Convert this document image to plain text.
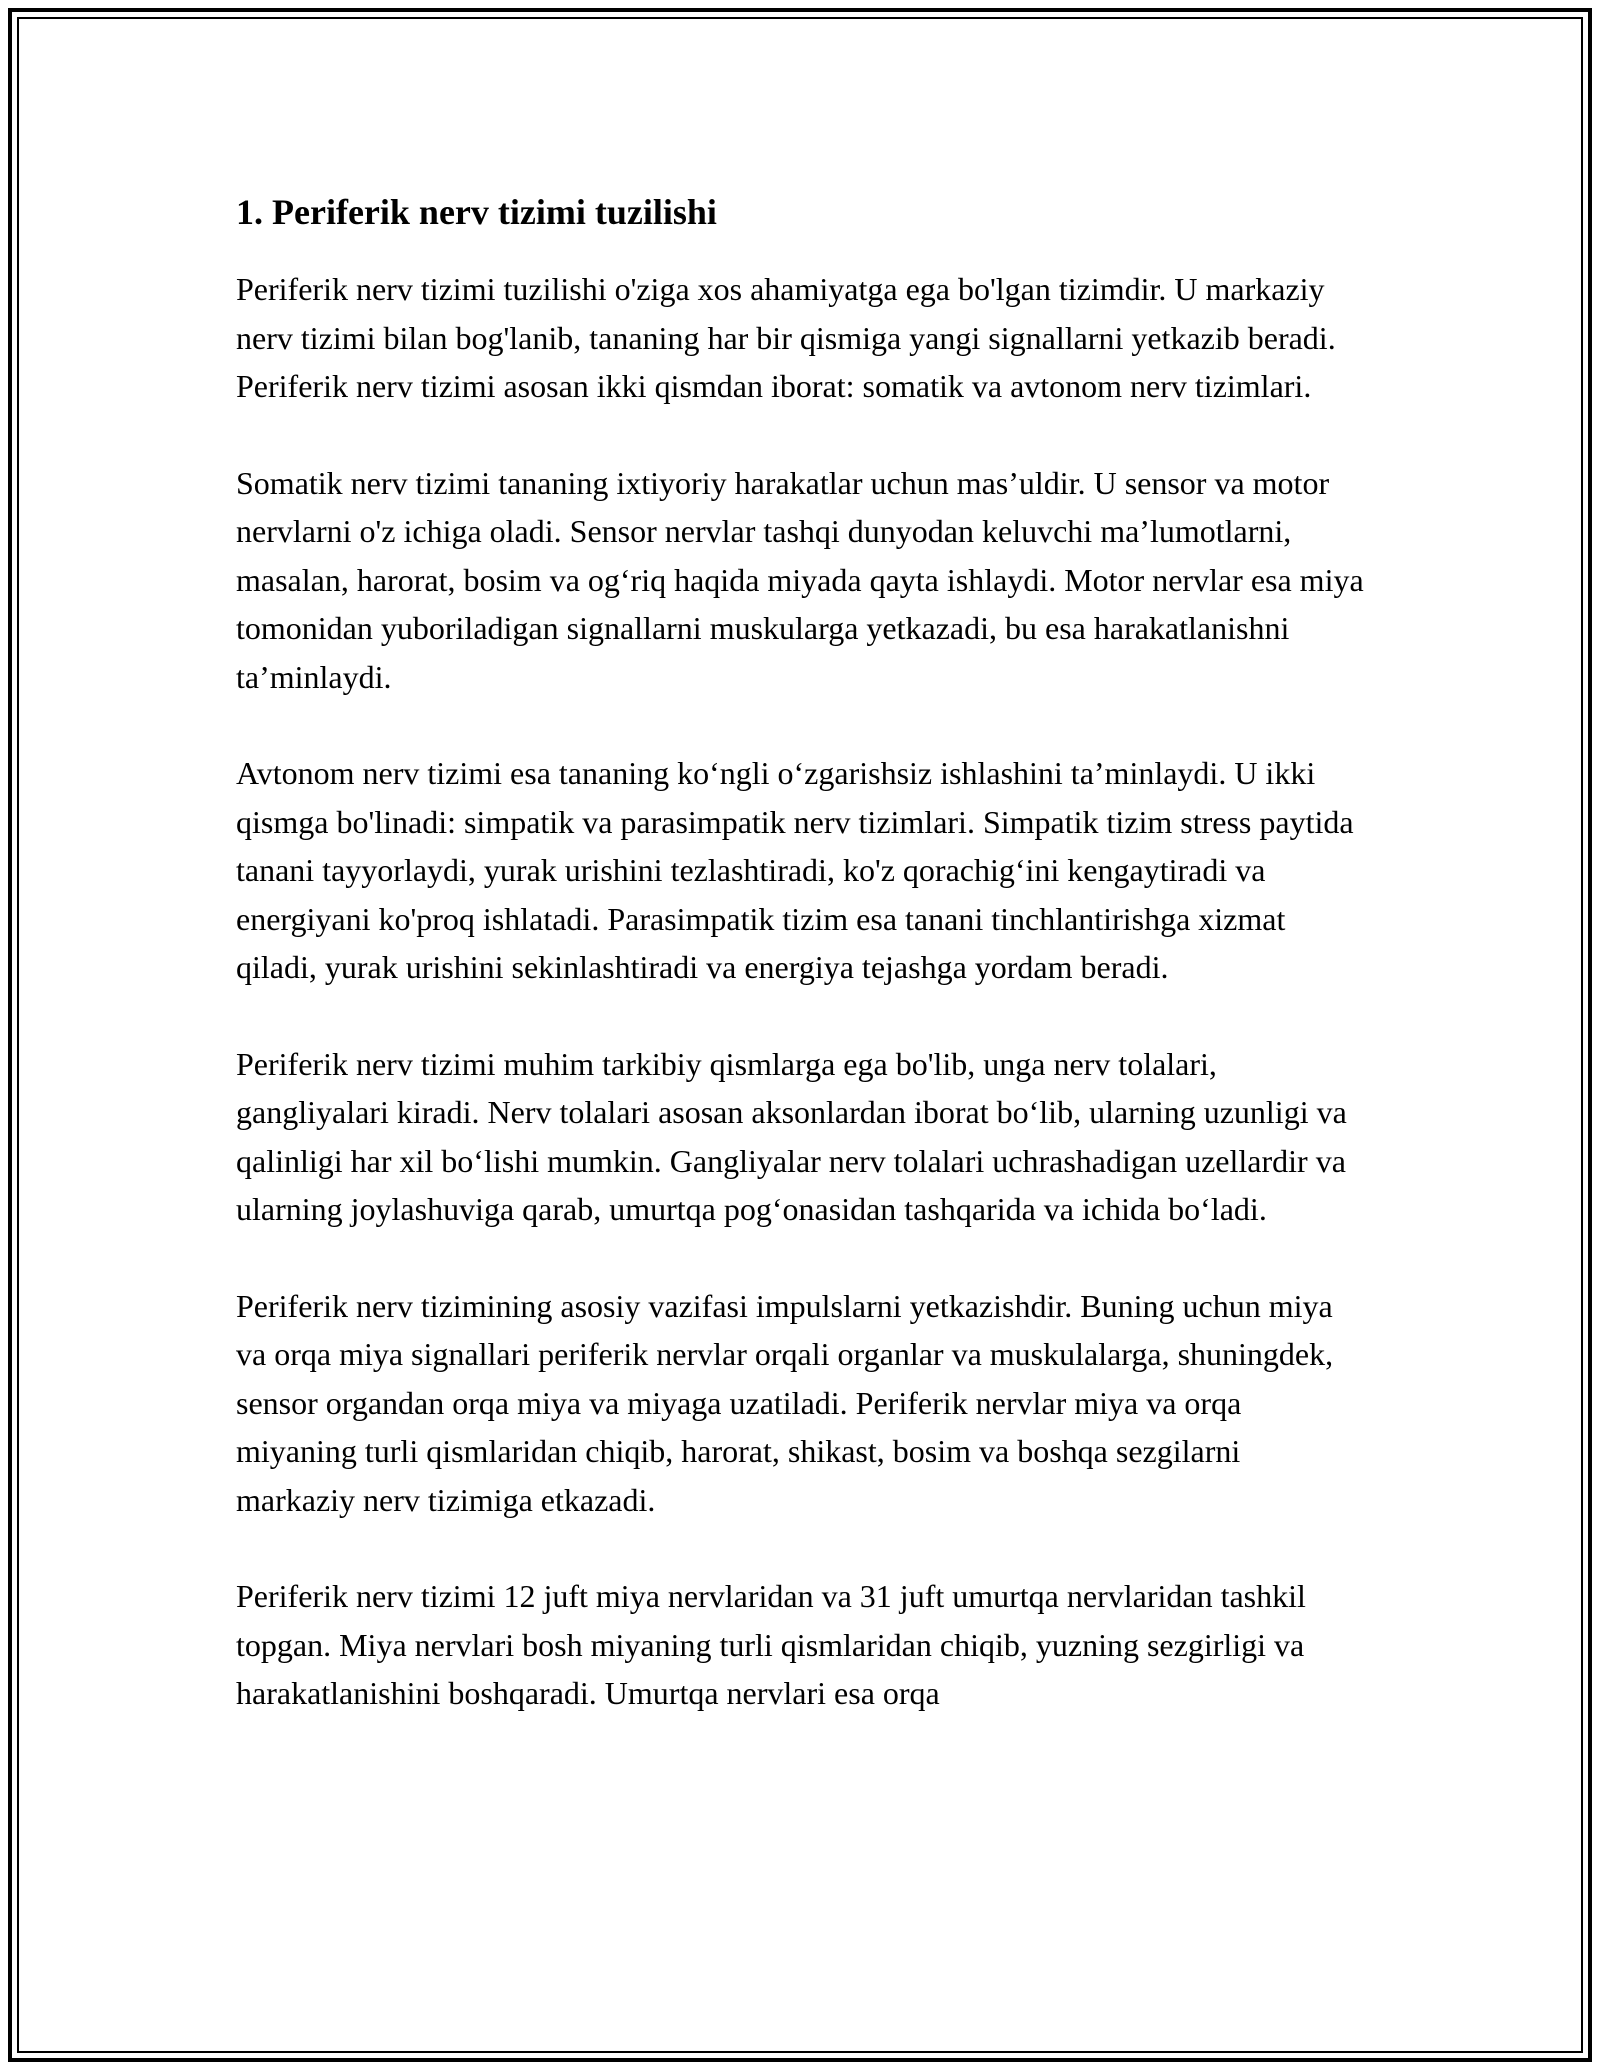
1. Periferik nerv tizimi tuzilishi

Periferik nerv tizimi tuzilishi o'ziga xos ahamiyatga ega bo'lgan tizimdir. U markaziy nerv tizimi bilan bog'lanib, tananing har bir qismiga yangi signallarni yetkazib beradi. Periferik nerv tizimi asosan ikki qismdan iborat: somatik va avtonom nerv tizimlari.

Somatik nerv tizimi tananing ixtiyoriy harakatlar uchun mas’uldir. U sensor va motor nervlarni o'z ichiga oladi. Sensor nervlar tashqi dunyodan keluvchi ma’lumotlarni, masalan, harorat, bosim va og‘riq haqida miyada qayta ishlaydi. Motor nervlar esa miya tomonidan yuboriladigan signallarni muskularga yetkazadi, bu esa harakatlanishni ta’minlaydi.

Avtonom nerv tizimi esa tananing ko‘ngli o‘zgarishsiz ishlashini ta’minlaydi. U ikki qismga bo'linadi: simpatik va parasimpatik nerv tizimlari. Simpatik tizim stress paytida tanani tayyorlaydi, yurak urishini tezlashtiradi, ko'z qorachig‘ini kengaytiradi va energiyani ko'proq ishlatadi. Parasimpatik tizim esa tanani tinchlantirishga xizmat qiladi, yurak urishini sekinlashtiradi va energiya tejashga yordam beradi.

Periferik nerv tizimi muhim tarkibiy qismlarga ega bo'lib, unga nerv tolalari, gangliyalari kiradi. Nerv tolalari asosan aksonlardan iborat bo‘lib, ularning uzunligi va qalinligi har xil bo‘lishi mumkin. Gangliyalar nerv tolalari uchrashadigan uzellardir va ularning joylashuviga qarab, umurtqa pog‘onasidan tashqarida va ichida bo‘ladi.

Periferik nerv tizimining asosiy vazifasi impulslarni yetkazishdir. Buning uchun miya va orqa miya signallari periferik nervlar orqali organlar va muskulalarga, shuningdek, sensor organdan orqa miya va miyaga uzatiladi. Periferik nervlar miya va orqa miyaning turli qismlaridan chiqib, harorat, shikast, bosim va boshqa sezgilarni markaziy nerv tizimiga etkazadi.

Periferik nerv tizimi 12 juft miya nervlaridan va 31 juft umurtqa nervlaridan tashkil topgan. Miya nervlari bosh miyaning turli qismlaridan chiqib, yuzning sezgirligi va harakatlanishini boshqaradi. Umurtqa nervlari esa orqa
